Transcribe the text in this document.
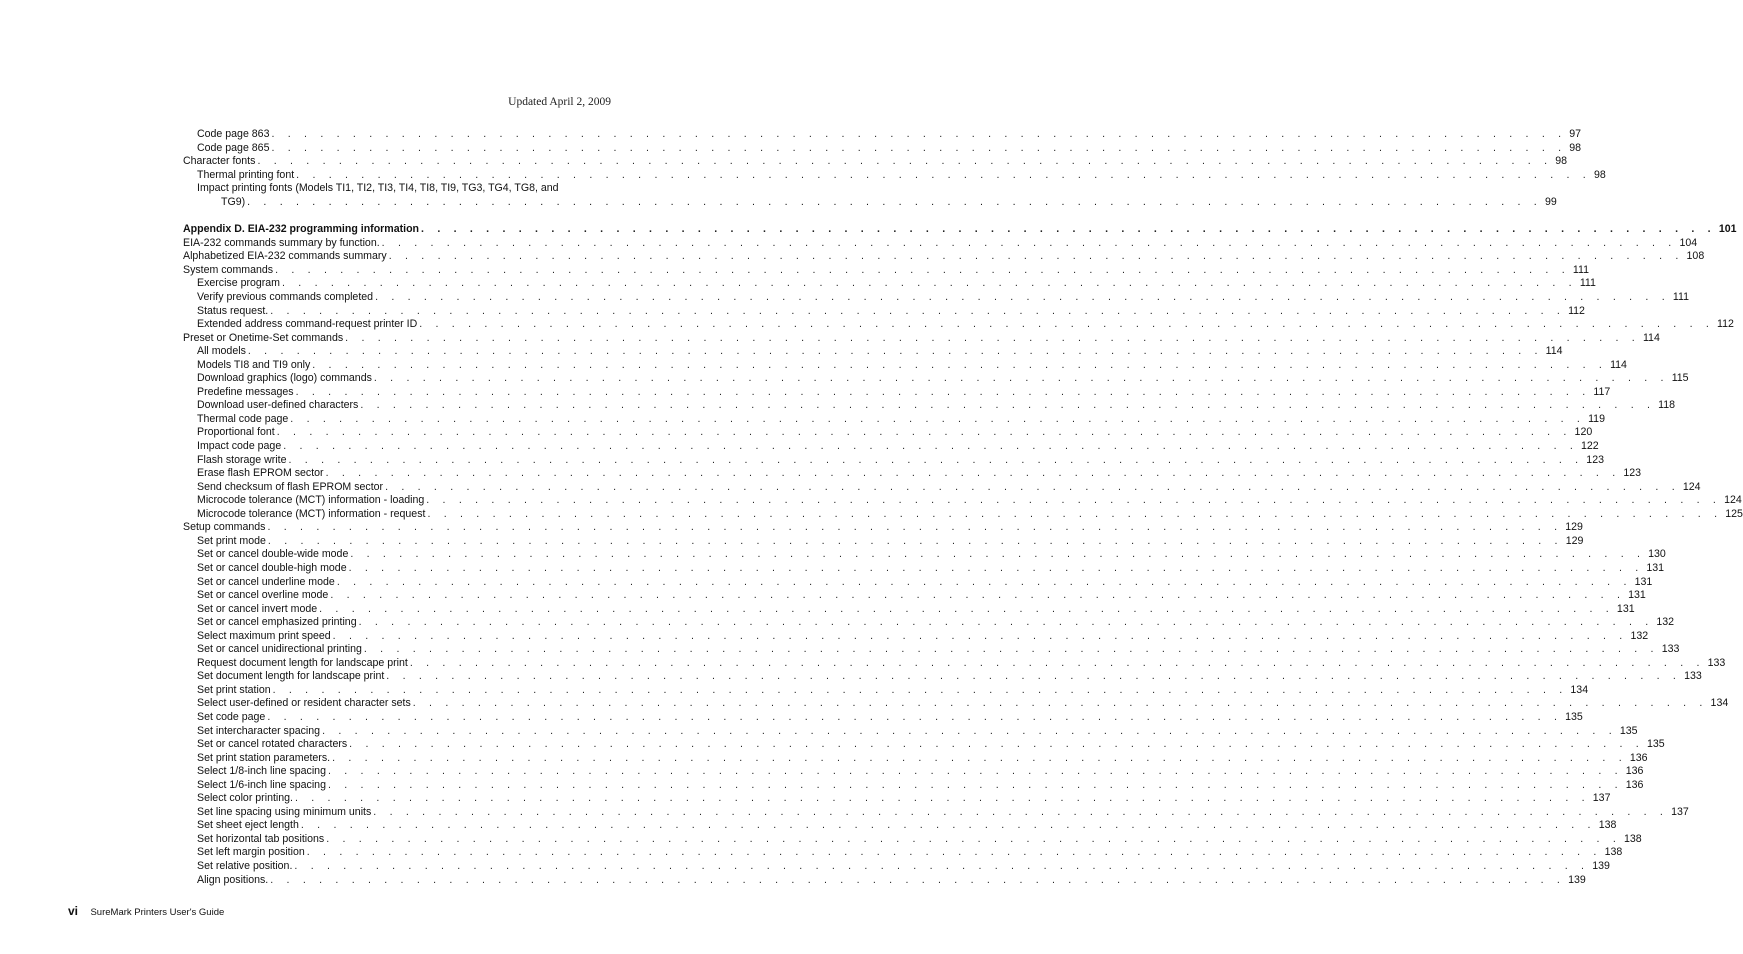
Updated April 2, 2009
Code page 863 . . . . . . . . . . . . . . . . . . . . . . . . . . . . . . . . . . . . . . . . . . . . . . . . . . . . . . . . . . . . . . . . . . . . . . . . . . . . . . . . 97
Code page 865 . . . . . . . . . . . . . . . . . . . . . . . . . . . . . . . . . . . . . . . . . . . . . . . . . . . . . . . . . . . . . . . . . . . . . . . . . . . . . . . . 98
Character fonts . . . . . . . . . . . . . . . . . . . . . . . . . . . . . . . . . . . . . . . . . . . . . . . . . . . . . . . . . . . . . . . . . . . . . . . . . . . . . . . . 98
Thermal printing font . . . . . . . . . . . . . . . . . . . . . . . . . . . . . . . . . . . . . . . . . . . . . . . . . . . . . . . . . . . . . . . . . . . . . . . . . . . . . . . . 98
Impact printing fonts (Models TI1, TI2, TI3, TI4, TI8, TI9, TG3, TG4, TG8, and
TG9) . . . . . . . . . . . . . . . . . . . . . . . . . . . . . . . . . . . . . . . . . . . . . . . . . . . . . . . . . . . . . . . . . . . . . . . . . . . . . . . . 99
Appendix D. EIA-232 programming information . . . . . . . . . . . . . . . . . . . . . . . . . . . . . . . . . . . . . . . . . . . . . . . . . . . . . . . . . . . . . . . . . . . . . . . . . . . . . . . . 101
EIA-232 commands summary by function. . . . . . . . . . . . . . . . . . . . . . . . . . . . . . . . . . . . . . . . . . . . . . . . . . . . . . . . . . . . . . . . . . . . . . . . . . . . . . . . . 104
Alphabetized EIA-232 commands summary . . . . . . . . . . . . . . . . . . . . . . . . . . . . . . . . . . . . . . . . . . . . . . . . . . . . . . . . . . . . . . . . . . . . . . . . . . . . . . . . 108
System commands . . . . . . . . . . . . . . . . . . . . . . . . . . . . . . . . . . . . . . . . . . . . . . . . . . . . . . . . . . . . . . . . . . . . . . . . . . . . . . . . 111
Exercise program . . . . . . . . . . . . . . . . . . . . . . . . . . . . . . . . . . . . . . . . . . . . . . . . . . . . . . . . . . . . . . . . . . . . . . . . . . . . . . . . 111
Verify previous commands completed . . . . . . . . . . . . . . . . . . . . . . . . . . . . . . . . . . . . . . . . . . . . . . . . . . . . . . . . . . . . . . . . . . . . . . . . . . . . . . . . 111
Status request. . . . . . . . . . . . . . . . . . . . . . . . . . . . . . . . . . . . . . . . . . . . . . . . . . . . . . . . . . . . . . . . . . . . . . . . . . . . . . . . . 112
Extended address command-request printer ID . . . . . . . . . . . . . . . . . . . . . . . . . . . . . . . . . . . . . . . . . . . . . . . . . . . . . . . . . . . . . . . . . . . . . . . . . . . . . . . . 112
Preset or Onetime-Set commands . . . . . . . . . . . . . . . . . . . . . . . . . . . . . . . . . . . . . . . . . . . . . . . . . . . . . . . . . . . . . . . . . . . . . . . . . . . . . . . . 114
All models . . . . . . . . . . . . . . . . . . . . . . . . . . . . . . . . . . . . . . . . . . . . . . . . . . . . . . . . . . . . . . . . . . . . . . . . . . . . . . . . 114
Models TI8 and TI9 only . . . . . . . . . . . . . . . . . . . . . . . . . . . . . . . . . . . . . . . . . . . . . . . . . . . . . . . . . . . . . . . . . . . . . . . . . . . . . . . . 114
Download graphics (logo) commands . . . . . . . . . . . . . . . . . . . . . . . . . . . . . . . . . . . . . . . . . . . . . . . . . . . . . . . . . . . . . . . . . . . . . . . . . . . . . . . . 115
Predefine messages . . . . . . . . . . . . . . . . . . . . . . . . . . . . . . . . . . . . . . . . . . . . . . . . . . . . . . . . . . . . . . . . . . . . . . . . . . . . . . . . 117
Download user-defined characters . . . . . . . . . . . . . . . . . . . . . . . . . . . . . . . . . . . . . . . . . . . . . . . . . . . . . . . . . . . . . . . . . . . . . . . . . . . . . . . . 118
Thermal code page . . . . . . . . . . . . . . . . . . . . . . . . . . . . . . . . . . . . . . . . . . . . . . . . . . . . . . . . . . . . . . . . . . . . . . . . . . . . . . . . 119
Proportional font . . . . . . . . . . . . . . . . . . . . . . . . . . . . . . . . . . . . . . . . . . . . . . . . . . . . . . . . . . . . . . . . . . . . . . . . . . . . . . . . 120
Impact code page . . . . . . . . . . . . . . . . . . . . . . . . . . . . . . . . . . . . . . . . . . . . . . . . . . . . . . . . . . . . . . . . . . . . . . . . . . . . . . . . 122
Flash storage write . . . . . . . . . . . . . . . . . . . . . . . . . . . . . . . . . . . . . . . . . . . . . . . . . . . . . . . . . . . . . . . . . . . . . . . . . . . . . . . . 123
Erase flash EPROM sector . . . . . . . . . . . . . . . . . . . . . . . . . . . . . . . . . . . . . . . . . . . . . . . . . . . . . . . . . . . . . . . . . . . . . . . . . . . . . . . . 123
Send checksum of flash EPROM sector . . . . . . . . . . . . . . . . . . . . . . . . . . . . . . . . . . . . . . . . . . . . . . . . . . . . . . . . . . . . . . . . . . . . . . . . . . . . . . . . 124
Microcode tolerance (MCT) information - loading . . . . . . . . . . . . . . . . . . . . . . . . . . . . . . . . . . . . . . . . . . . . . . . . . . . . . . . . . . . . . . . . . . . . . . . . . . . . . . . . 124
Microcode tolerance (MCT) information - request . . . . . . . . . . . . . . . . . . . . . . . . . . . . . . . . . . . . . . . . . . . . . . . . . . . . . . . . . . . . . . . . . . . . . . . . . . . . . . . . 125
Setup commands . . . . . . . . . . . . . . . . . . . . . . . . . . . . . . . . . . . . . . . . . . . . . . . . . . . . . . . . . . . . . . . . . . . . . . . . . . . . . . . . 129
Set print mode . . . . . . . . . . . . . . . . . . . . . . . . . . . . . . . . . . . . . . . . . . . . . . . . . . . . . . . . . . . . . . . . . . . . . . . . . . . . . . . . 129
Set or cancel double-wide mode . . . . . . . . . . . . . . . . . . . . . . . . . . . . . . . . . . . . . . . . . . . . . . . . . . . . . . . . . . . . . . . . . . . . . . . . . . . . . . . . 130
Set or cancel double-high mode . . . . . . . . . . . . . . . . . . . . . . . . . . . . . . . . . . . . . . . . . . . . . . . . . . . . . . . . . . . . . . . . . . . . . . . . . . . . . . . . 131
Set or cancel underline mode . . . . . . . . . . . . . . . . . . . . . . . . . . . . . . . . . . . . . . . . . . . . . . . . . . . . . . . . . . . . . . . . . . . . . . . . . . . . . . . . 131
Set or cancel overline mode . . . . . . . . . . . . . . . . . . . . . . . . . . . . . . . . . . . . . . . . . . . . . . . . . . . . . . . . . . . . . . . . . . . . . . . . . . . . . . . . 131
Set or cancel invert mode . . . . . . . . . . . . . . . . . . . . . . . . . . . . . . . . . . . . . . . . . . . . . . . . . . . . . . . . . . . . . . . . . . . . . . . . . . . . . . . . 131
Set or cancel emphasized printing . . . . . . . . . . . . . . . . . . . . . . . . . . . . . . . . . . . . . . . . . . . . . . . . . . . . . . . . . . . . . . . . . . . . . . . . . . . . . . . . 132
Select maximum print speed . . . . . . . . . . . . . . . . . . . . . . . . . . . . . . . . . . . . . . . . . . . . . . . . . . . . . . . . . . . . . . . . . . . . . . . . . . . . . . . . 132
Set or cancel unidirectional printing . . . . . . . . . . . . . . . . . . . . . . . . . . . . . . . . . . . . . . . . . . . . . . . . . . . . . . . . . . . . . . . . . . . . . . . . . . . . . . . . 133
Request document length for landscape print . . . . . . . . . . . . . . . . . . . . . . . . . . . . . . . . . . . . . . . . . . . . . . . . . . . . . . . . . . . . . . . . . . . . . . . . . . . . . . . . 133
Set document length for landscape print . . . . . . . . . . . . . . . . . . . . . . . . . . . . . . . . . . . . . . . . . . . . . . . . . . . . . . . . . . . . . . . . . . . . . . . . . . . . . . . . 133
Set print station . . . . . . . . . . . . . . . . . . . . . . . . . . . . . . . . . . . . . . . . . . . . . . . . . . . . . . . . . . . . . . . . . . . . . . . . . . . . . . . . 134
Select user-defined or resident character sets . . . . . . . . . . . . . . . . . . . . . . . . . . . . . . . . . . . . . . . . . . . . . . . . . . . . . . . . . . . . . . . . . . . . . . . . . . . . . . . . 134
Set code page . . . . . . . . . . . . . . . . . . . . . . . . . . . . . . . . . . . . . . . . . . . . . . . . . . . . . . . . . . . . . . . . . . . . . . . . . . . . . . . . 135
Set intercharacter spacing . . . . . . . . . . . . . . . . . . . . . . . . . . . . . . . . . . . . . . . . . . . . . . . . . . . . . . . . . . . . . . . . . . . . . . . . . . . . . . . . 135
Set or cancel rotated characters . . . . . . . . . . . . . . . . . . . . . . . . . . . . . . . . . . . . . . . . . . . . . . . . . . . . . . . . . . . . . . . . . . . . . . . . . . . . . . . . 135
Set print station parameters. . . . . . . . . . . . . . . . . . . . . . . . . . . . . . . . . . . . . . . . . . . . . . . . . . . . . . . . . . . . . . . . . . . . . . . . . . . . . . . . . 136
Select 1/8-inch line spacing . . . . . . . . . . . . . . . . . . . . . . . . . . . . . . . . . . . . . . . . . . . . . . . . . . . . . . . . . . . . . . . . . . . . . . . . . . . . . . . . 136
Select 1/6-inch line spacing . . . . . . . . . . . . . . . . . . . . . . . . . . . . . . . . . . . . . . . . . . . . . . . . . . . . . . . . . . . . . . . . . . . . . . . . . . . . . . . . 136
Select color printing. . . . . . . . . . . . . . . . . . . . . . . . . . . . . . . . . . . . . . . . . . . . . . . . . . . . . . . . . . . . . . . . . . . . . . . . . . . . . . . . . 137
Set line spacing using minimum units . . . . . . . . . . . . . . . . . . . . . . . . . . . . . . . . . . . . . . . . . . . . . . . . . . . . . . . . . . . . . . . . . . . . . . . . . . . . . . . . 137
Set sheet eject length . . . . . . . . . . . . . . . . . . . . . . . . . . . . . . . . . . . . . . . . . . . . . . . . . . . . . . . . . . . . . . . . . . . . . . . . . . . . . . . . 138
Set horizontal tab positions . . . . . . . . . . . . . . . . . . . . . . . . . . . . . . . . . . . . . . . . . . . . . . . . . . . . . . . . . . . . . . . . . . . . . . . . . . . . . . . . 138
Set left margin position . . . . . . . . . . . . . . . . . . . . . . . . . . . . . . . . . . . . . . . . . . . . . . . . . . . . . . . . . . . . . . . . . . . . . . . . . . . . . . . . 138
Set relative position. . . . . . . . . . . . . . . . . . . . . . . . . . . . . . . . . . . . . . . . . . . . . . . . . . . . . . . . . . . . . . . . . . . . . . . . . . . . . . . . . 139
Align positions. . . . . . . . . . . . . . . . . . . . . . . . . . . . . . . . . . . . . . . . . . . . . . . . . . . . . . . . . . . . . . . . . . . . . . . . . . . . . . . . . 139
vi SureMark Printers User's Guide
